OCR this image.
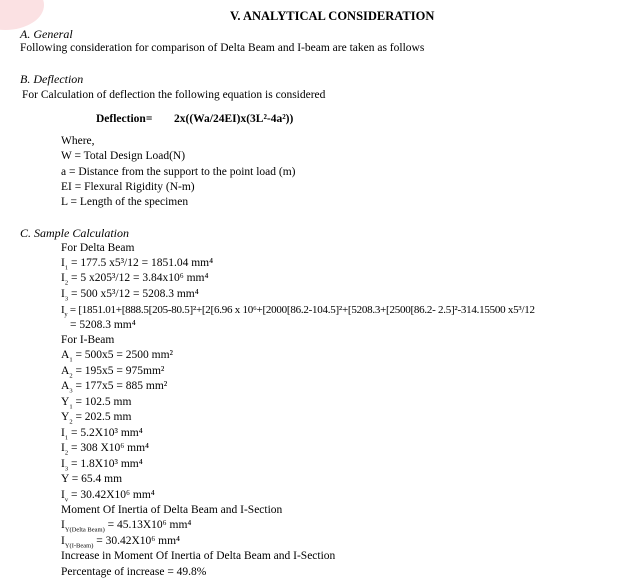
V. ANALYTICAL CONSIDERATION
A. General
Following consideration for comparison of Delta Beam and I-beam are taken as follows
B. Deflection
For Calculation of deflection the following equation is considered
Deflection= 2x((Wa/24EI)x(3L²-4a²))
Where,
W = Total Design Load(N)
a = Distance from the support to the point load (m)
EI = Flexural Rigidity (N-m)
L = Length of the specimen
C. Sample Calculation
For Delta Beam
$I_1 = 177.5$ x5³/12 = 1851.04 mm⁴
$I_2 = 5$ x205³/12 = 3.84x10⁶ mm⁴
$I_3 = 500$ x5³/12 = 5208.3 mm⁴
$I_y = [1851.01+[888.5[205-80.5]^2+[2[6.96$ x 10⁶+[2000[86.2-104.5]²+[5208.3+[2500[86.2- 2.5]²-314.15500 x5³/12
= 5208.3 mm⁴
For I-Beam
$A_1 = 500x5 = 2500$ mm²
$A_2 = 195x5 = 975mm^2$
$A_3 = 177x5 = 885$ mm²
$Y_1 = 102.5$ mm
$Y_2 = 202.5$ mm
$I_1 = 5.2X10^3$ mm⁴
$I_2 = 308$ X10⁶ mm⁴
$I_3 = 1.8X10^3$ mm⁴
Y = 65.4 mm
$I_v = 30.42X10^6$ mm⁴
Moment Of Inertia of Delta Beam and I-Section
$I_{Y(Delta Beam)} = 45.13X10^6$ mm⁴
$I_{Y(I-Beam)} = 30.42X10^6$ mm⁴
Increase in Moment Of Inertia of Delta Beam and I-Section
Percentage of increase = 49.8%
